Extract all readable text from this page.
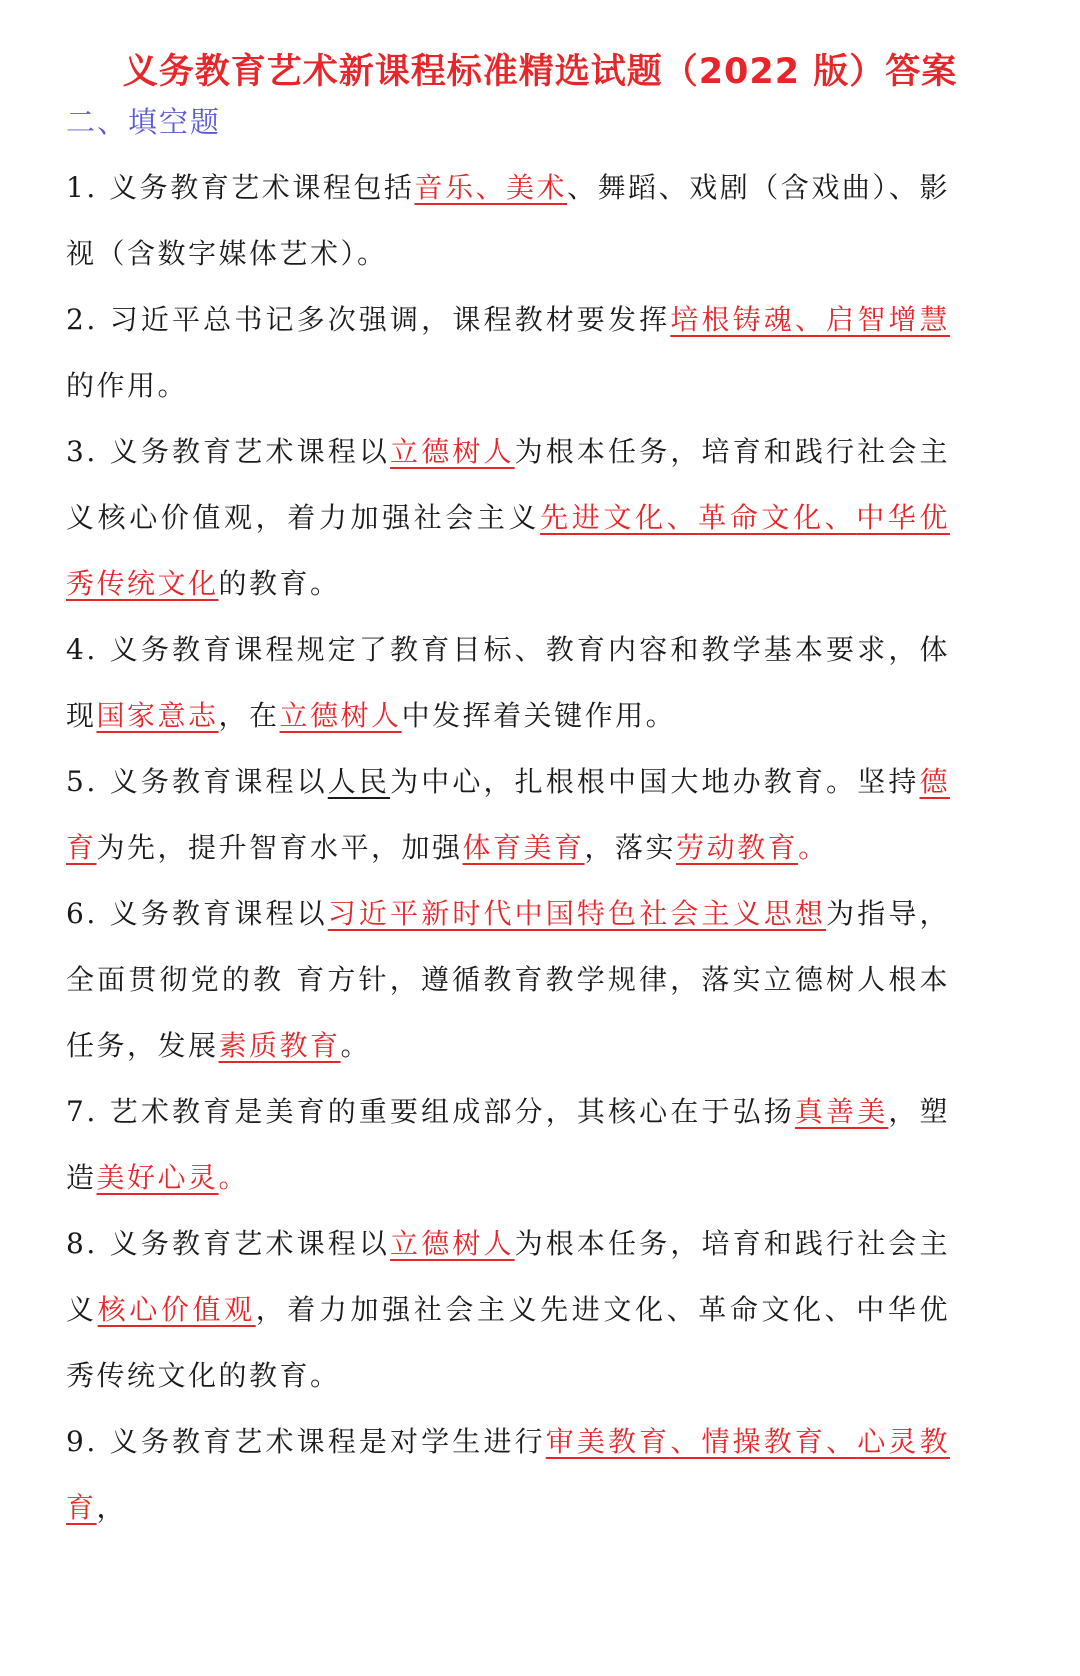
义务教育艺术新课程标准精选试题（2022 版）答案
二、填空题
1. 义务教育艺术课程包括音乐、美术、舞蹈、戏剧（含戏曲）、影视（含数字媒体艺术）。
2. 习近平总书记多次强调，课程教材要发挥培根铸魂、启智增慧的作用。
3. 义务教育艺术课程以立德树人为根本任务，培育和践行社会主义核心价值观，着力加强社会主义先进文化、革命文化、中华优秀传统文化的教育。
4. 义务教育课程规定了教育目标、教育内容和教学基本要求，体现国家意志，在立德树人中发挥着关键作用。
5. 义务教育课程以人民为中心，扎根根中国大地办教育。坚持德育为先，提升智育水平，加强体育美育，落实劳动教育。
6. 义务教育课程以习近平新时代中国特色社会主义思想为指导，全面贯彻党的教 育方针，遵循教育教学规律，落实立德树人根本任务，发展素质教育。
7. 艺术教育是美育的重要组成部分，其核心在于弘扬真善美，塑造美好心灵。
8. 义务教育艺术课程以立德树人为根本任务，培育和践行社会主义核心价值观，着力加强社会主义先进文化、革命文化、中华优秀传统文化的教育。
9. 义务教育艺术课程是对学生进行审美教育、情操教育、心灵教育，
